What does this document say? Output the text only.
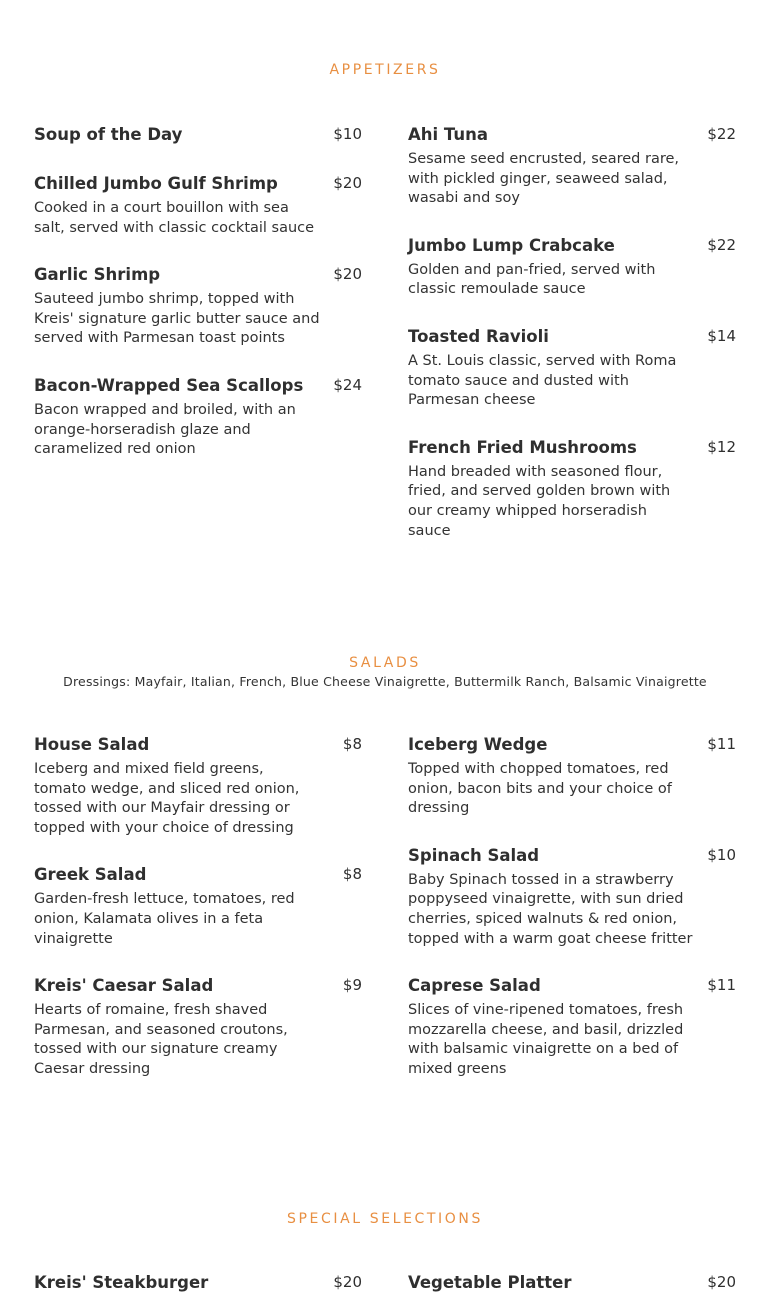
APPETIZERS
Soup of the Day	$10
Chilled Jumbo Gulf Shrimp	$20
Cooked in a court bouillon with sea salt, served with classic cocktail sauce
Garlic Shrimp	$20
Sauteed jumbo shrimp, topped with Kreis' signature garlic butter sauce and served with Parmesan toast points
Bacon-Wrapped Sea Scallops $24
Bacon wrapped and broiled, with an orange-horseradish glaze and caramelized red onion
Ahi Tuna	$22
Sesame seed encrusted, seared rare, with pickled ginger, seaweed salad, wasabi and soy
Jumbo Lump Crabcake	$22
Golden and pan-fried, served with classic remoulade sauce
Toasted Ravioli	$14
A St. Louis classic, served with Roma tomato sauce and dusted with Parmesan cheese
French Fried Mushrooms	$12
Hand breaded with seasoned flour, fried, and served golden brown with our creamy whipped horseradish sauce
SALADS

Dressings: Mayfair, Italian, French, Blue Cheese Vinaigrette, Buttermilk Ranch, Balsamic Vinaigrette

House Salad	$8
Iceberg and mixed field greens, tomato wedge, and sliced red onion, tossed with our Mayfair dressing or topped with your choice of dressing
Greek Salad	$8
Garden-fresh lettuce, tomatoes, red onion, Kalamata olives in a feta vinaigrette
Kreis' Caesar Salad	$9
Hearts of romaine, fresh shaved Parmesan, and seasoned croutons, tossed with our signature creamy Caesar dressing
Iceberg Wedge	$11
Topped with chopped tomatoes, red onion, bacon bits and your choice of dressing
Spinach Salad	$10
Baby Spinach tossed in a strawberry poppyseed vinaigrette, with sun dried cherries, spiced walnuts & red onion, topped with a warm goat cheese fritter
Caprese Salad	$11
Slices of vine-ripened tomatoes, fresh mozzarella cheese, and basil, drizzled with balsamic vinaigrette on a bed of mixed greens
SPECIAL SELECTIONS
Kreis' Steakburger	$20	Vegetable Platter	$20
